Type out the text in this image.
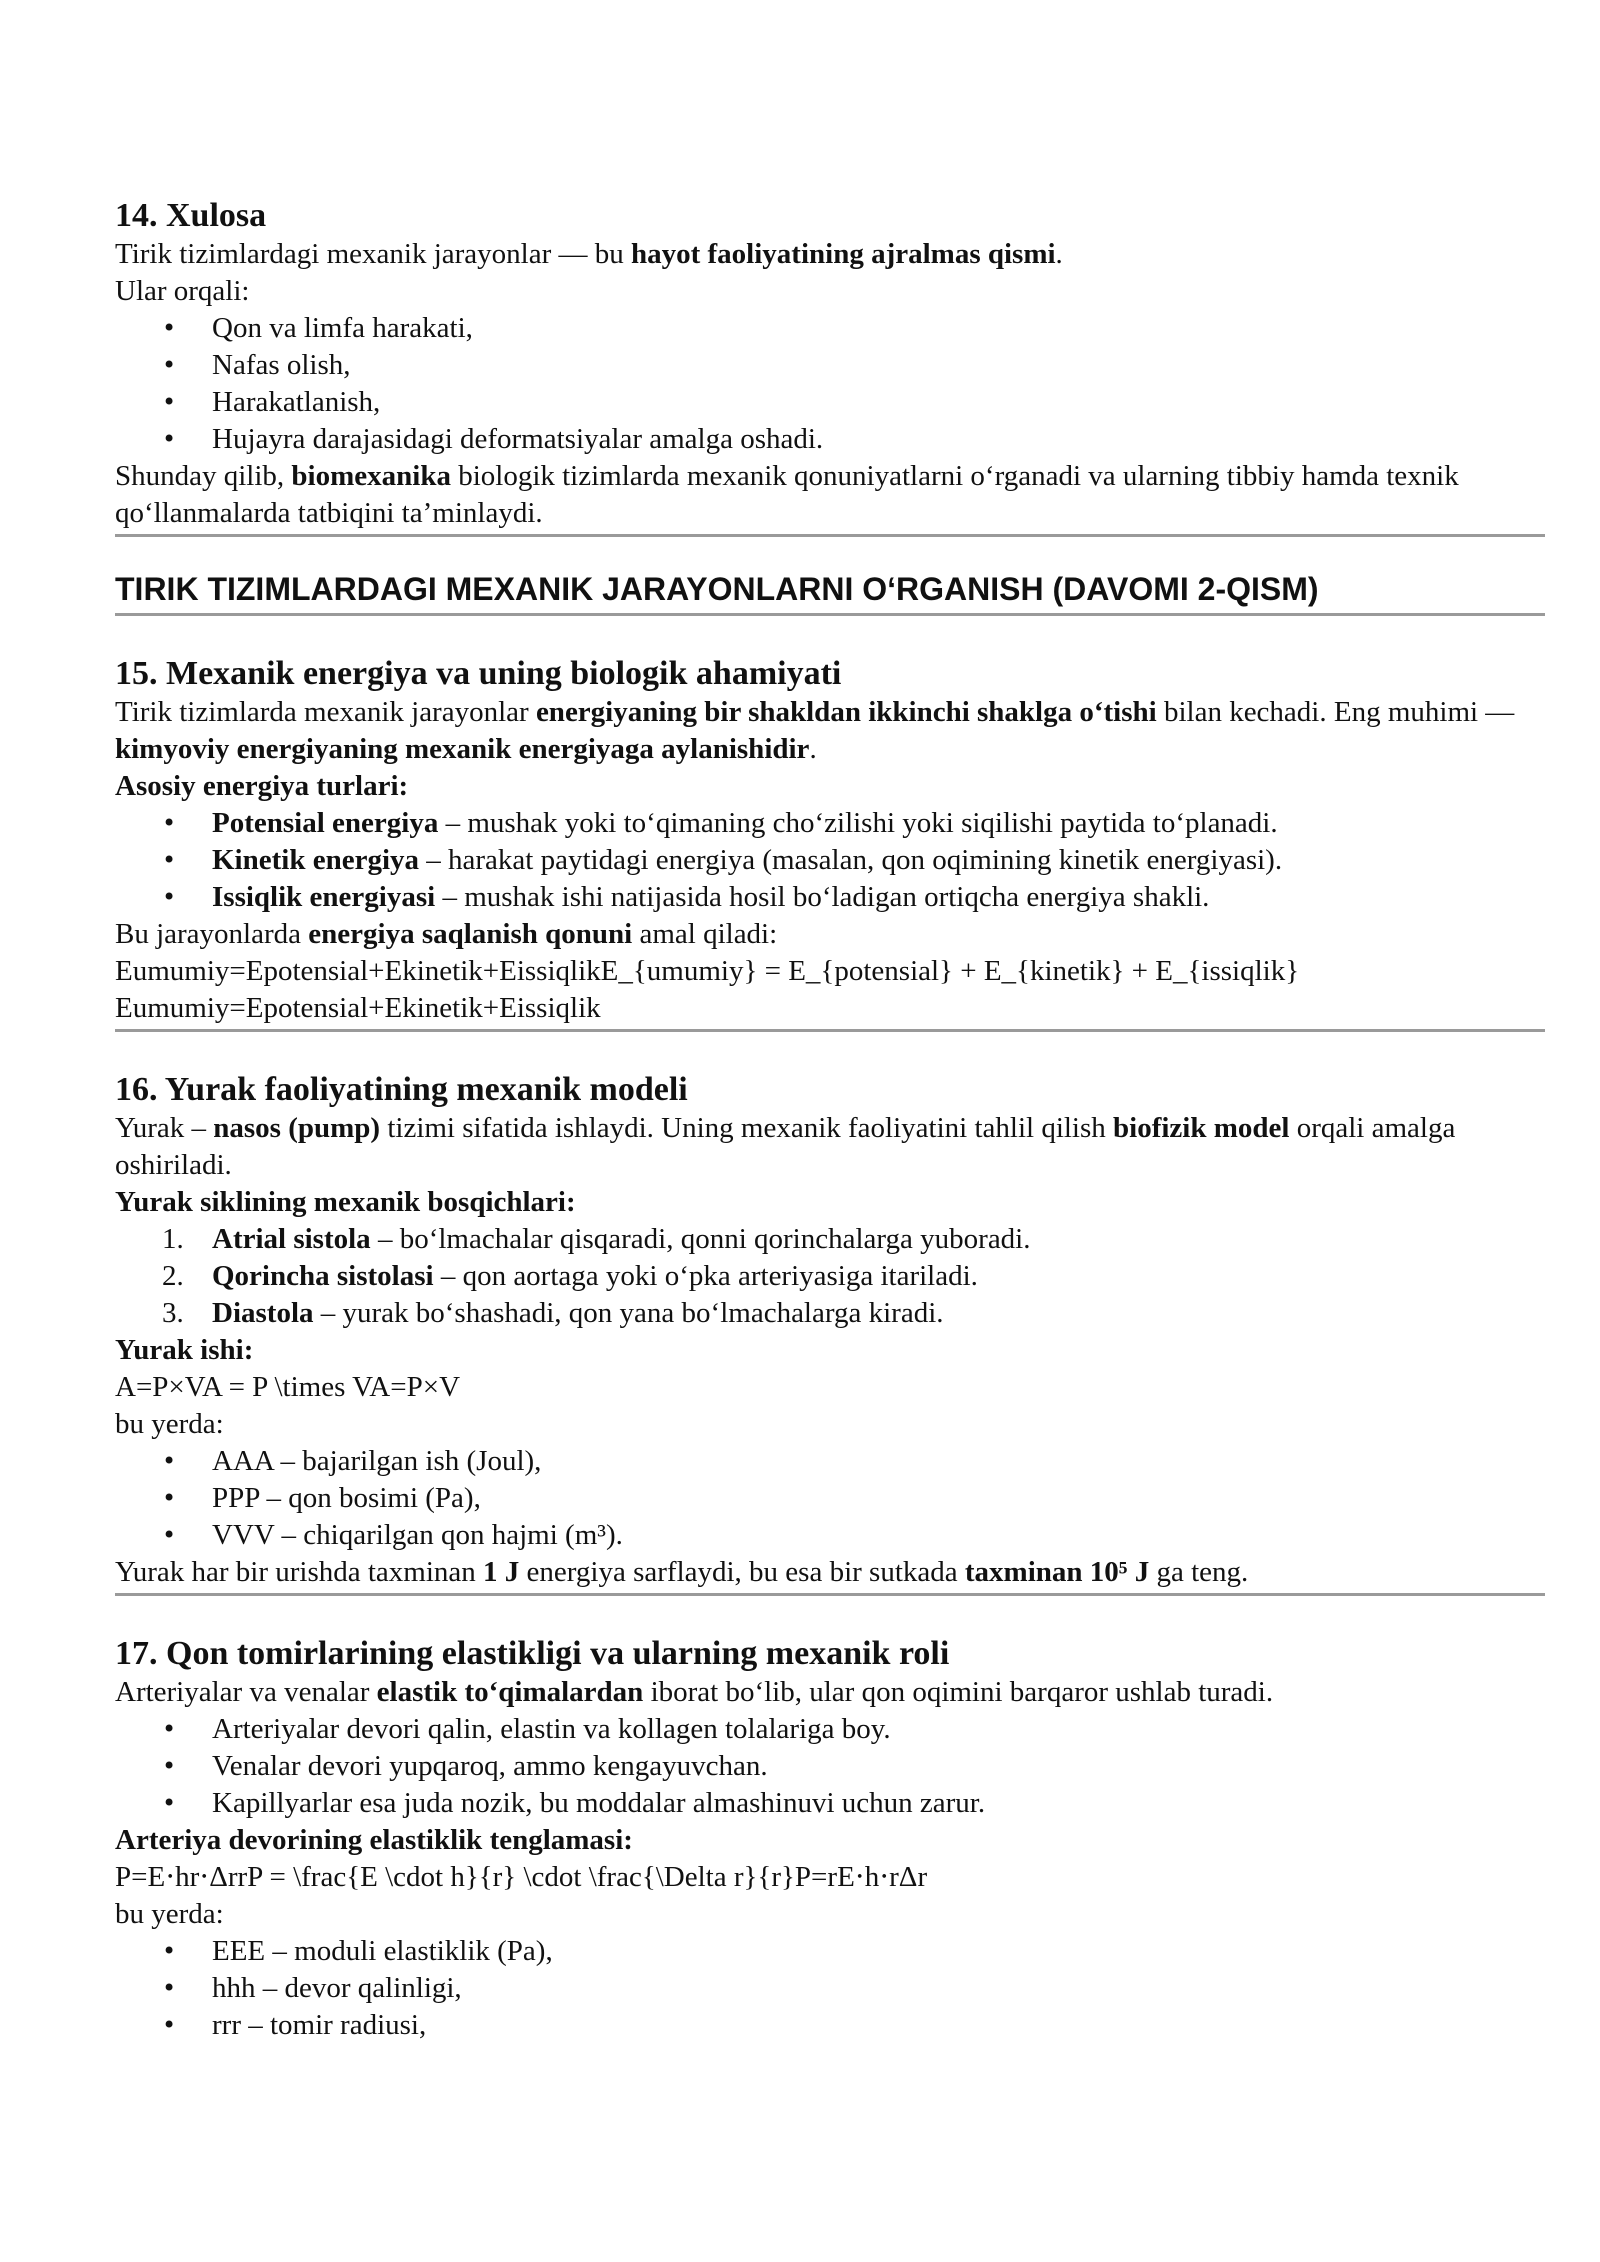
14. Xulosa

Tirik tizimlardagi mexanik jarayonlar — bu hayot faoliyatining ajralmas qismi.

Ular orqali:

• Qon va limfa harakati,
• Nafas olish,
• Harakatlanish,
• Hujayra darajasidagi deformatsiyalar amalga oshadi.

Shunday qilib, biomexanika biologik tizimlarda mexanik qonuniyatlarni o‘rganadi va ularning tibbiy hamda texnik qo‘llanmalarda tatbiqini ta’minlaydi.

TIRIK TIZIMLARDAGI MEXANIK JARAYONLARNI O‘RGANISH (DAVOMI 2-QISM)
15. Mexanik energiya va uning biologik ahamiyati

Tirik tizimlarda mexanik jarayonlar energiyaning bir shakldan ikkinchi shaklga o‘tishi bilan kechadi. Eng muhimi — kimyoviy energiyaning mexanik energiyaga aylanishidir.

Asosiy energiya turlari:

• Potensial energiya – mushak yoki to‘qimaning cho‘zilishi yoki siqilishi paytida to‘planadi.
• Kinetik energiya – harakat paytidagi energiya (masalan, qon oqimining kinetik energiyasi).
• Issiqlik energiyasi – mushak ishi natijasida hosil bo‘ladigan ortiqcha energiya shakli.

Bu jarayonlarda energiya saqlanish qonuni amal qiladi:

Eumumiy=Epotensial+Ekinetik+EissiqlikE_{umumiy} = E_{potensial} + E_{kinetik} + E_{issiqlik}

Eumumiy=Epotensial+Ekinetik+Eissiqlik

16. Yurak faoliyatining mexanik modeli

Yurak – nasos (pump) tizimi sifatida ishlaydi. Uning mexanik faoliyatini tahlil qilish biofizik model orqali amalga oshiriladi.

Yurak siklining mexanik bosqichlari:

1. Atrial sistola – bo‘lmachalar qisqaradi, qonni qorinchalarga yuboradi.
2. Qorincha sistolasi – qon aortaga yoki o‘pka arteriyasiga itariladi.
3. Diastola – yurak bo‘shashadi, qon yana bo‘lmachalarga kiradi.

Yurak ishi:

A=P×VA = P \times VA=P×V

bu yerda:

• AAA – bajarilgan ish (Joul),
• PPP – qon bosimi (Pa),
• VVV – chiqarilgan qon hajmi (m³).

Yurak har bir urishda taxminan 1 J energiya sarflaydi, bu esa bir sutkada taxminan 10⁵ J ga teng.

17. Qon tomirlarining elastikligi va ularning mexanik roli

Arteriyalar va venalar elastik to‘qimalardan iborat bo‘lib, ular qon oqimini barqaror ushlab turadi.

• Arteriyalar devori qalin, elastin va kollagen tolalariga boy.
• Venalar devori yupqaroq, ammo kengayuvchan.
• Kapillyarlar esa juda nozik, bu moddalar almashinuvi uchun zarur.

Arteriya devorining elastiklik tenglamasi:

P=E⋅hr⋅ΔrrP = \frac{E \cdot h}{r} \cdot \frac{\Delta r}{r}P=rE⋅h​⋅rΔr​

bu yerda:

• EEE – moduli elastiklik (Pa),
• hhh – devor qalinligi,
• rrr – tomir radiusi,
